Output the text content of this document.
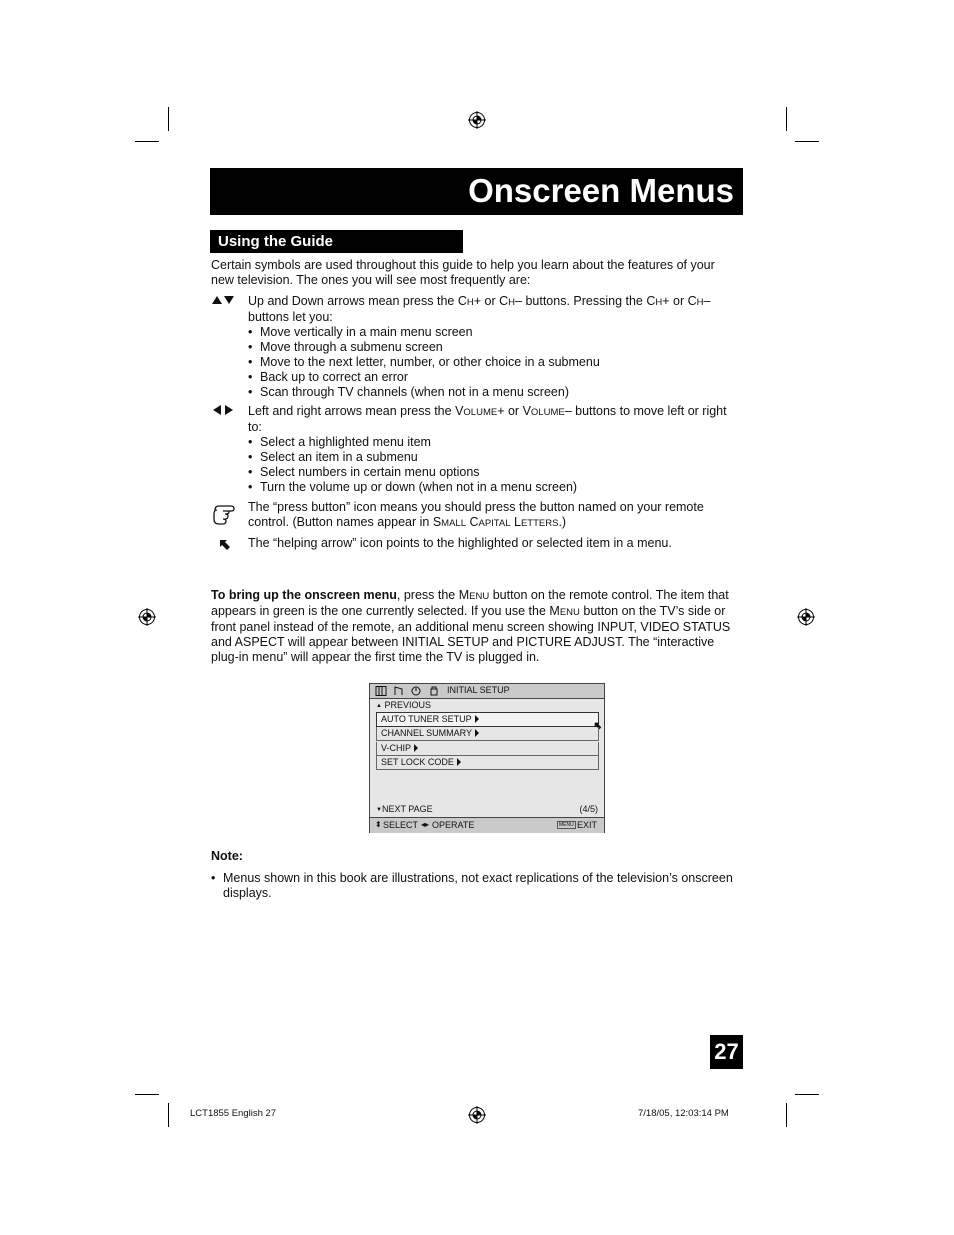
Onscreen Menus
Using the Guide
Certain symbols are used throughout this guide to help you learn about the features of your new television. The ones you will see most frequently are:
Up and Down arrows mean press the CH+ or CH– buttons. Pressing the CH+ or CH– buttons let you:
• Move vertically in a main menu screen
• Move through a submenu screen
• Move to the next letter, number, or other choice in a submenu
• Back up to correct an error
• Scan through TV channels (when not in a menu screen)
Left and right arrows mean press the VOLUME+ or VOLUME– buttons to move left or right to:
• Select a highlighted menu item
• Select an item in a submenu
• Select numbers in certain menu options
• Turn the volume up or down (when not in a menu screen)
The “press button” icon means you should press the button named on your remote control. (Button names appear in SMALL CAPITAL LETTERS.)
The “helping arrow” icon points to the highlighted or selected item in a menu.
To bring up the onscreen menu, press the MENU button on the remote control. The item that appears in green is the one currently selected. If you use the MENU button on the TV’s side or front panel instead of the remote, an additional menu screen showing INPUT, VIDEO STATUS and ASPECT will appear between INITIAL SETUP and PICTURE ADJUST. The “interactive plug-in menu” will appear the first time the TV is plugged in.
INITIAL SETUP
▲ PREVIOUS
AUTO TUNER SETUP
CHANNEL SUMMARY
V-CHIP
SET LOCK CODE
▼NEXT PAGE	(4/5)
⬍ SELECT ◂▸ OPERATE	MENU EXIT
Note:
• Menus shown in this book are illustrations, not exact replications of the television’s onscreen displays.
27
LCT1855 English 27	7/18/05, 12:03:14 PM
